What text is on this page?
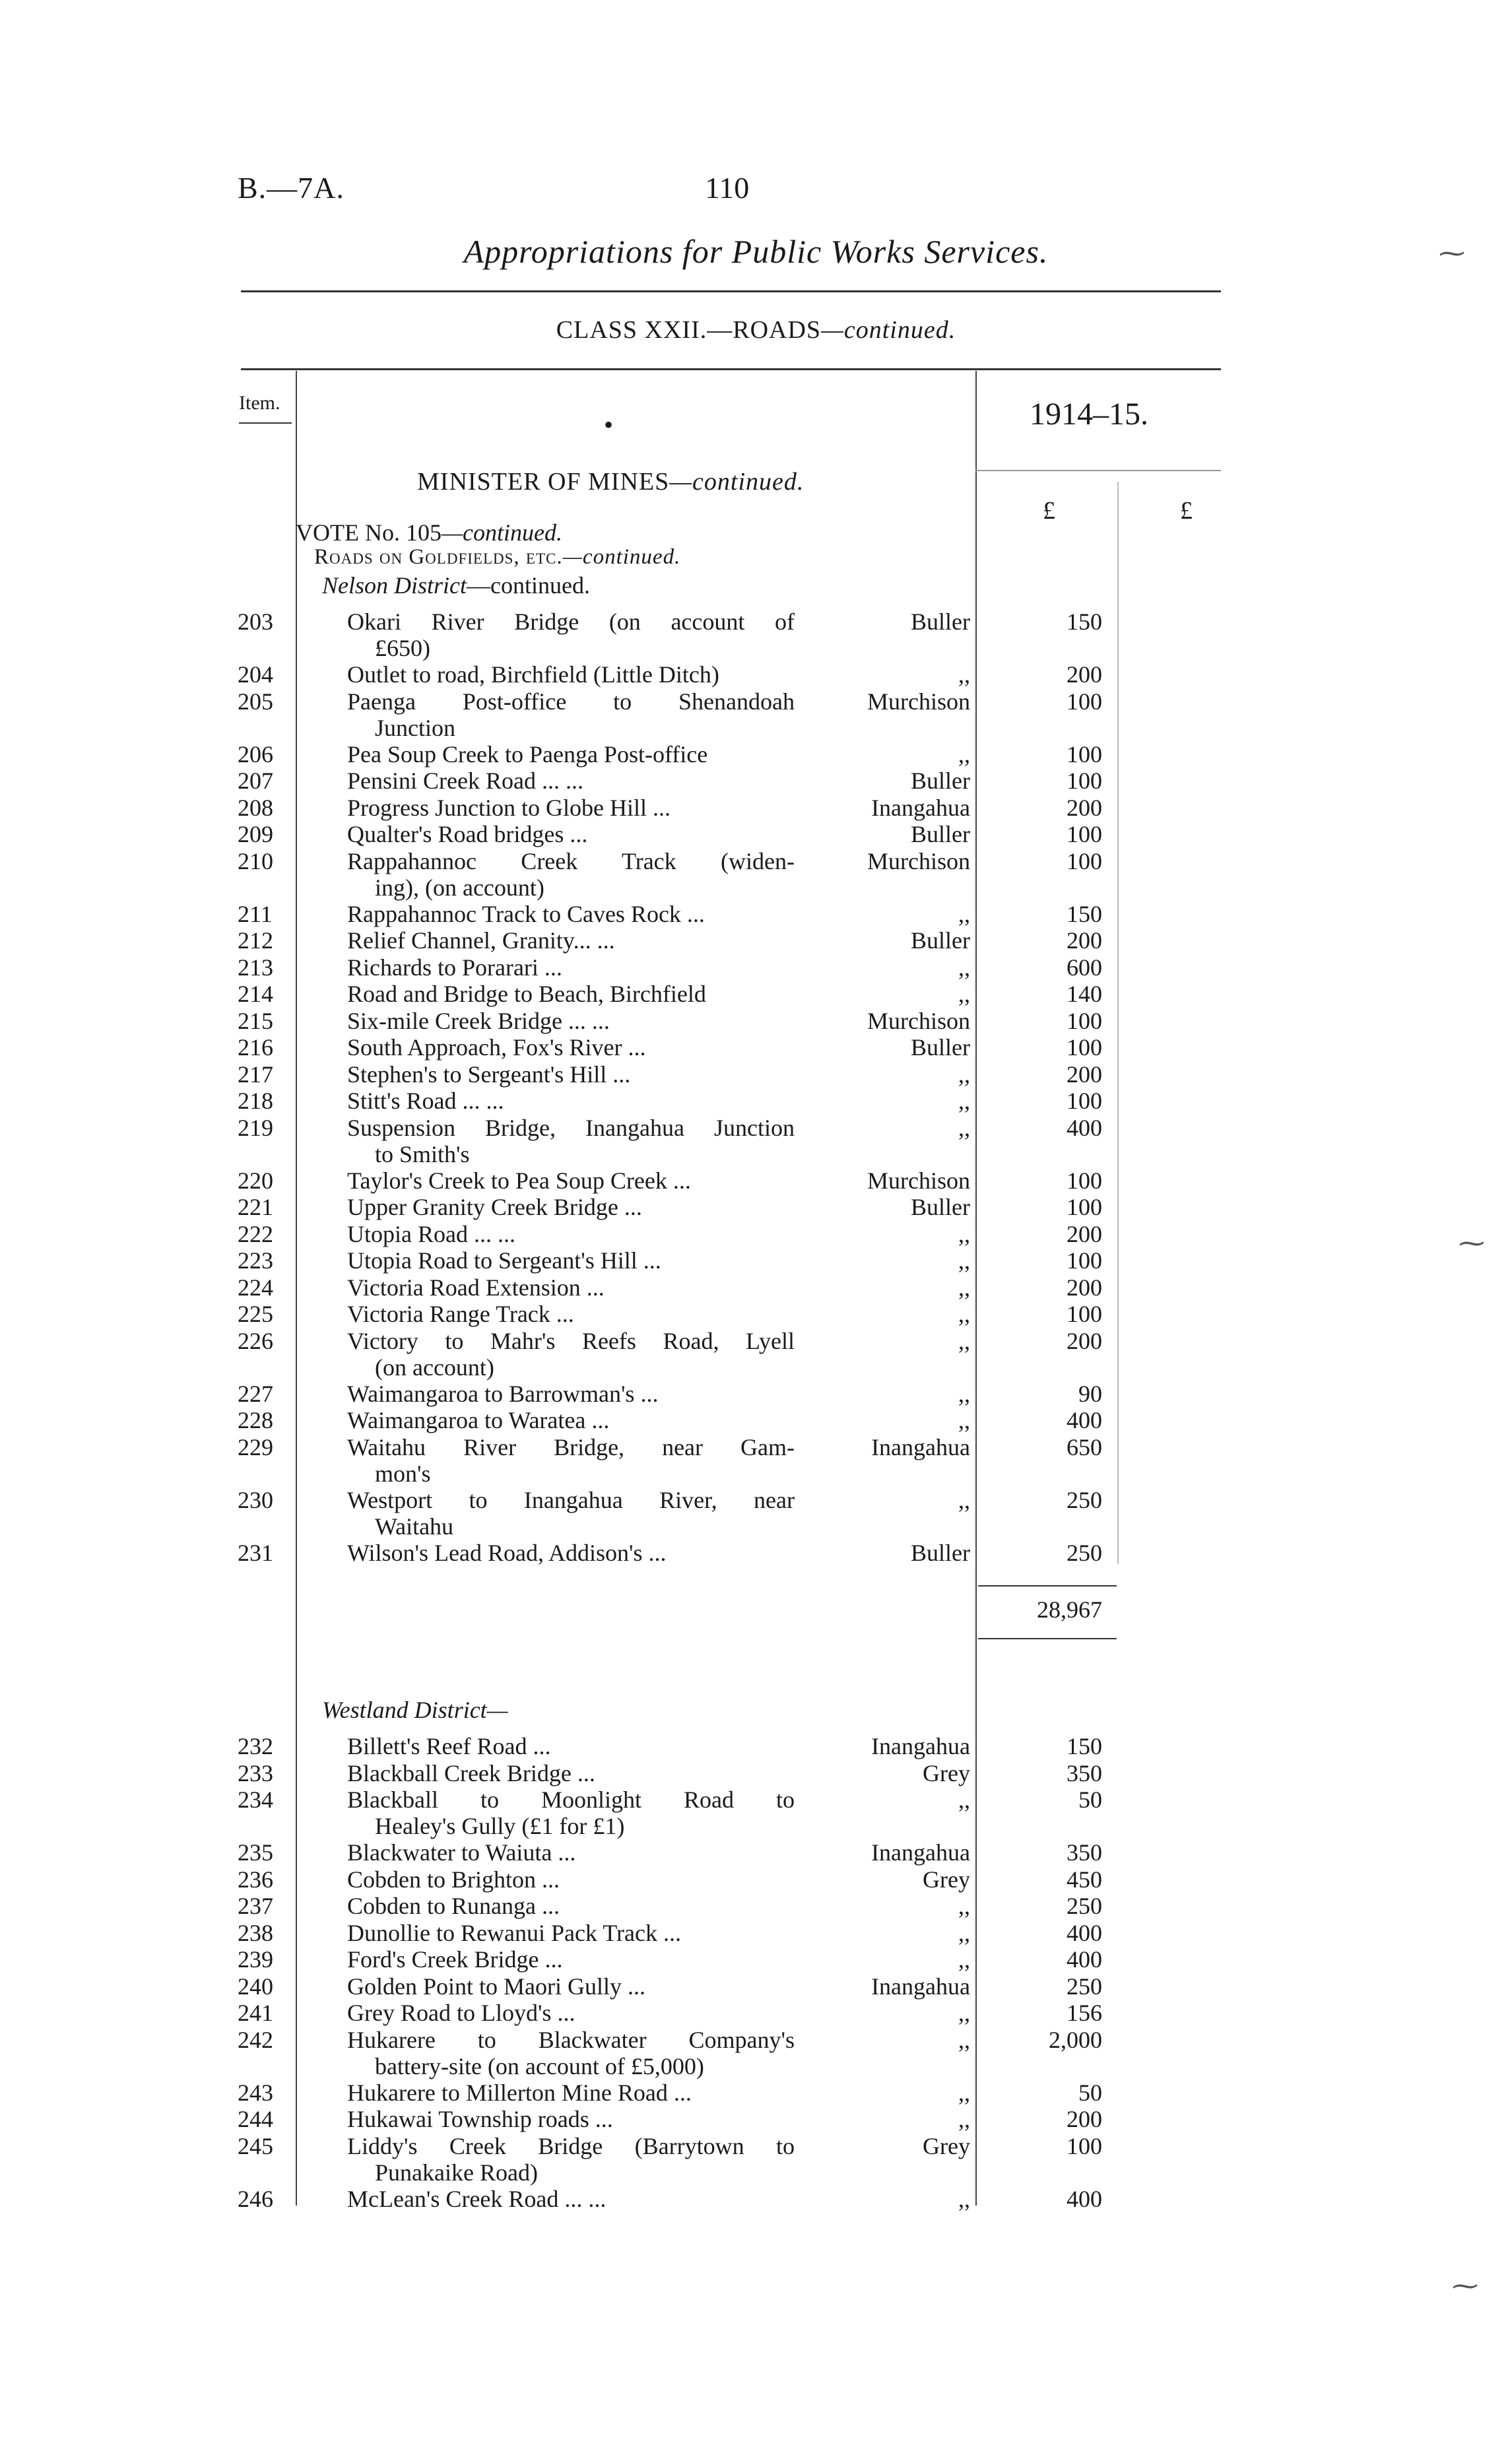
B.—7A.	110
Appropriations for Public Works Services.
CLASS XXII.—ROADS—continued.
Item.
•	1914–15.
MINISTER OF MINES—continued.
£	£
VOTE No. 105—continued.
Roads on Goldfields, etc.—continued.
Nelson District—continued.
203	Okari River Bridge (on account of	Buller	150
£650)
204	Outlet to road, Birchfield (Little Ditch)	,,	200
205	Paenga Post-office to Shenandoah	Murchison	100
Junction
206	Pea Soup Creek to Paenga Post-office	,,	100
207	Pensini Creek Road ... ...	Buller	100
208	Progress Junction to Globe Hill ...	Inangahua	200
209	Qualter's Road bridges ...	Buller	100
210	Rappahannoc Creek Track (widen-	Murchison	100
ing), (on account)
211	Rappahannoc Track to Caves Rock ...	,,	150
212	Relief Channel, Granity... ...	Buller	200
213	Richards to Porarari ...	,,	600
214	Road and Bridge to Beach, Birchfield	,,	140
215	Six-mile Creek Bridge ... ...	Murchison	100
216	South Approach, Fox's River ...	Buller	100
217	Stephen's to Sergeant's Hill ...	,,	200
218	Stitt's Road ... ...	,,	100
219	Suspension Bridge, Inangahua Junction	,,	400
to Smith's
220	Taylor's Creek to Pea Soup Creek ...	Murchison	100
221	Upper Granity Creek Bridge ...	Buller	100
222	Utopia Road ... ...	,,	200
223	Utopia Road to Sergeant's Hill ...	,,	100
224	Victoria Road Extension ...	,,	200
225	Victoria Range Track ...	,,	100
226	Victory to Mahr's Reefs Road, Lyell	,,	200
(on account)
227	Waimangaroa to Barrowman's ...	,,	90
228	Waimangaroa to Waratea ...	,,	400
229	Waitahu River Bridge, near Gam-	Inangahua	650
mon's
230	Westport to Inangahua River, near	,,	250
Waitahu
231	Wilson's Lead Road, Addison's ...	Buller	250
28,967
Westland District—
232	Billett's Reef Road ...	Inangahua	150
233	Blackball Creek Bridge ...	Grey	350
234	Blackball to Moonlight Road to	,,	50
Healey's Gully (£1 for £1)
235	Blackwater to Waiuta ...	Inangahua	350
236	Cobden to Brighton ...	Grey	450
237	Cobden to Runanga ...	,,	250
238	Dunollie to Rewanui Pack Track ...	,,	400
239	Ford's Creek Bridge ...	,,	400
240	Golden Point to Maori Gully ...	Inangahua	250
241	Grey Road to Lloyd's ...	,,	156
242	Hukarere to Blackwater Company's	,,	2,000
battery-site (on account of £5,000)
243	Hukarere to Millerton Mine Road ...	,,	50
244	Hukawai Township roads ...	,,	200
245	Liddy's Creek Bridge (Barrytown to	Grey	100
Punakaike Road)
246	McLean's Creek Road ... ...	,,	400
⁓
⁓
⁓
